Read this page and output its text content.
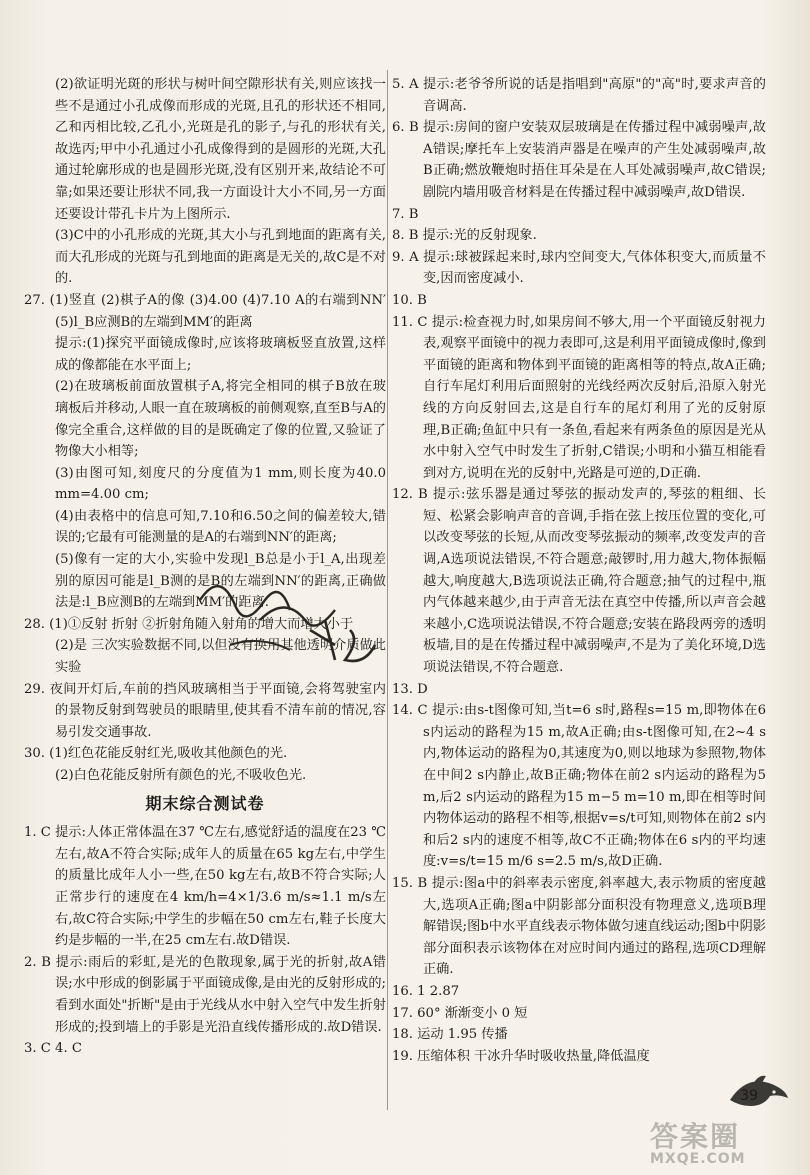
(2)欲证明光斑的形状与树叶间空隙形状有关,则应该找一些不是通过小孔成像而形成的光斑,且孔的形状还不相同,乙和丙相比较,乙孔小,光斑是孔的影子,与孔的形状有关,故选丙;甲中小孔通过小孔成像得到的是圆形的光斑,大孔通过轮廓形成的也是圆形光斑,没有区别开来,故结论不可靠;如果还要让形状不同,我一方面设计大小不同,另一方面还要设计带孔卡片为上图所示.

(3)C中的小孔形成的光斑,其大小与孔到地面的距离有关,而大孔形成的光斑与孔到地面的距离是无关的,故C是不对的.

27. (1)竖直 (2)棋子A的像 (3)4.00 (4)7.10 A的右端到NN′ (5)l_B应测B的左端到MM′的距离

提示:(1)探究平面镜成像时,应该将玻璃板竖直放置,这样成的像都能在水平面上;

(2)在玻璃板前面放置棋子A,将完全相同的棋子B放在玻璃板后并移动,人眼一直在玻璃板的前侧观察,直至B与A的像完全重合,这样做的目的是既确定了像的位置,又验证了物像大小相等;

(3)由图可知,刻度尺的分度值为1 mm,则长度为40.0 mm=4.00 cm;

(4)由表格中的信息可知,7.10和6.50之间的偏差较大,错误的;它最有可能测量的是A的右端到NN′的距离;

(5)像有一定的大小,实验中发现l_B总是小于l_A,出现差别的原因可能是l_B测的是B的左端到NN′的距离,正确做法是:l_B应测B的左端到MM′的距离.

28. (1)①反射 折射 ②折射角随入射角的增大而增大小于

(2)是 三次实验数据不同,以但没有换用其他透明介质做此实验

29. 夜间开灯后,车前的挡风玻璃相当于平面镜,会将驾驶室内的景物反射到驾驶员的眼睛里,使其看不清车前的情况,容易引发交通事故.

30. (1)红色花能反射红光,吸收其他颜色的光.

(2)白色花能反射所有颜色的光,不吸收色光.

期末综合测试卷

1. C 提示:人体正常体温在37 ℃左右,感觉舒适的温度在23 ℃左右,故A不符合实际;成年人的质量在65 kg左右,中学生的质量比成年人小一些,在50 kg左右,故B不符合实际;人正常步行的速度在4 km/h=4×1/3.6 m/s≈1.1 m/s左右,故C符合实际;中学生的步幅在50 cm左右,鞋子长度大约是步幅的一半,在25 cm左右.故D错误.

2. B 提示:雨后的彩虹,是光的色散现象,属于光的折射,故A错误;水中形成的倒影属于平面镜成像,是由光的反射形成的;看到水面处"折断"是由于光线从水中射入空气中发生折射形成的;投到墙上的手影是光沿直线传播形成的.故D错误.

3. C 4. C

5. A 提示:老爷爷所说的话是指唱到"高原"的"高"时,要求声音的音调高.

6. B 提示:房间的窗户安装双层玻璃是在传播过程中减弱噪声,故A错误;摩托车上安装消声器是在噪声的产生处减弱噪声,故B正确;燃放鞭炮时捂住耳朵是在人耳处减弱噪声,故C错误;剧院内墙用吸音材料是在传播过程中减弱噪声,故D错误.

7. B

8. B 提示:光的反射现象.

9. A 提示:球被踩起来时,球内空间变大,气体体积变大,而质量不变,因而密度减小.

10. B

11. C 提示:检查视力时,如果房间不够大,用一个平面镜反射视力表,观察平面镜中的视力表即可,这是利用平面镜成像时,像到平面镜的距离和物体到平面镜的距离相等的特点,故A正确;自行车尾灯利用后面照射的光线经两次反射后,沿原入射光线的方向反射回去,这是自行车的尾灯利用了光的反射原理,B正确;鱼缸中只有一条鱼,看起来有两条鱼的原因是光从水中射入空气中时发生了折射,C错误;小明和小猫互相能看到对方,说明在光的反射中,光路是可逆的,D正确.

12. B 提示:弦乐器是通过琴弦的振动发声的,琴弦的粗细、长短、松紧会影响声音的音调,手指在弦上按压位置的变化,可以改变琴弦的长短,从而改变琴弦振动的频率,改变发声的音调,A选项说法错误,不符合题意;敲锣时,用力越大,物体振幅越大,响度越大,B选项说法正确,符合题意;抽气的过程中,瓶内气体越来越少,由于声音无法在真空中传播,所以声音会越来越小,C选项说法错误,不符合题意;安装在路段两旁的透明板墙,目的是在传播过程中减弱噪声,不是为了美化环境,D选项说法错误,不符合题意.

13. D

14. C 提示:由s-t图像可知,当t=6 s时,路程s=15 m,即物体在6 s内运动的路程为15 m,故A正确;由s-t图像可知,在2~4 s内,物体运动的路程为0,其速度为0,则以地球为参照物,物体在中间2 s内静止,故B正确;物体在前2 s内运动的路程为5 m,后2 s内运动的路程为15 m−5 m=10 m,即在相等时间内物体运动的路程不相等,根据v=s/t可知,则物体在前2 s内和后2 s内的速度不相等,故C不正确;物体在6 s内的平均速度:v=s/t=15 m/6 s=2.5 m/s,故D正确.

15. B 提示:图a中的斜率表示密度,斜率越大,表示物质的密度越大,选项A正确;图a中阴影部分面积没有物理意义,选项B理解错误;图b中水平直线表示物体做匀速直线运动;图b中阴影部分面积表示该物体在对应时间内通过的路程,选项CD理解正确.

16. 1 2.87

17. 60° 渐渐变小 0 短

18. 运动 1.95 传播

19. 压缩体积 干冰升华时吸收热量,降低温度

39
答案圈
MXQE.COM
